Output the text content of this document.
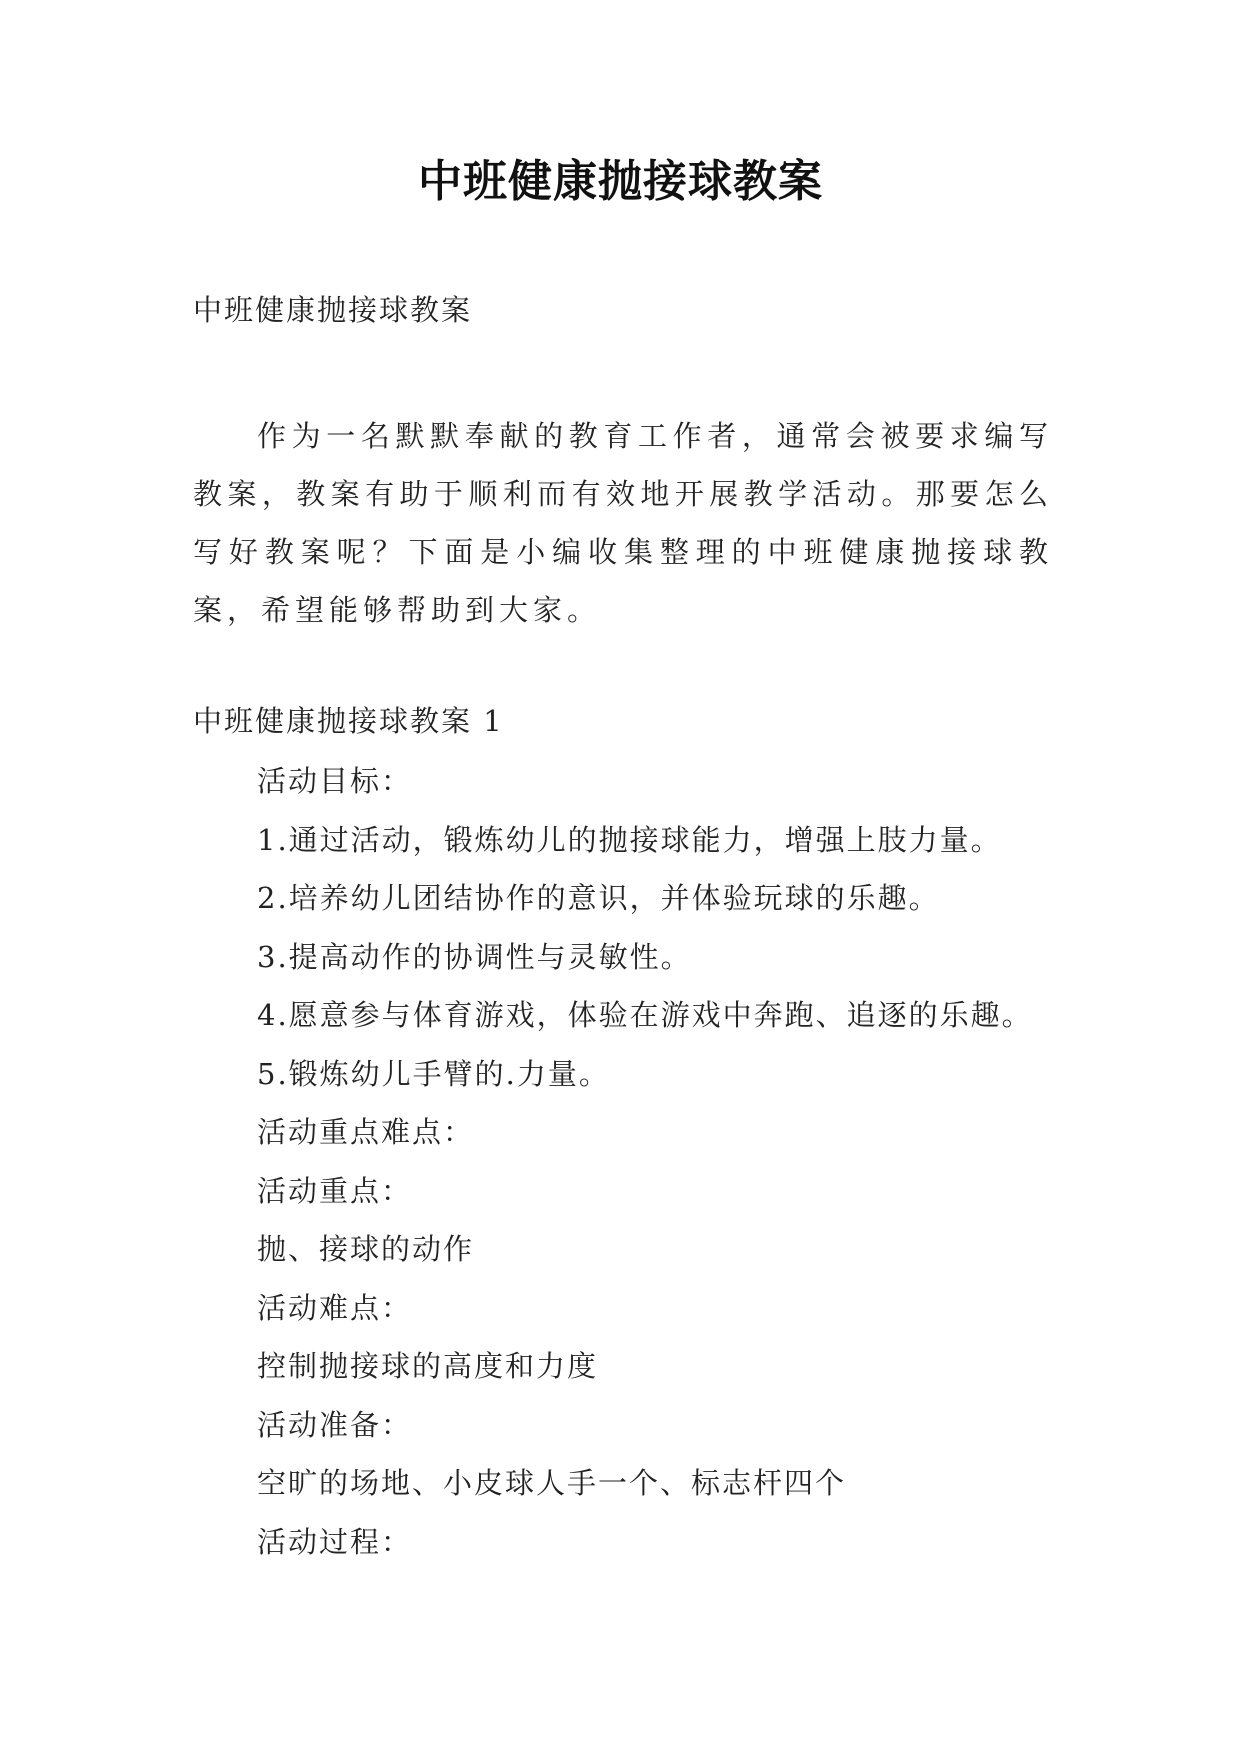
中班健康抛接球教案

中班健康抛接球教案

作为一名默默奉献的教育工作者，通常会被要求编写教案，教案有助于顺利而有效地开展教学活动。那要怎么写好教案呢？下面是小编收集整理的中班健康抛接球教案，希望能够帮助到大家。

中班健康抛接球教案 1

活动目标：
1.通过活动，锻炼幼儿的抛接球能力，增强上肢力量。
2.培养幼儿团结协作的意识，并体验玩球的乐趣。
3.提高动作的协调性与灵敏性。
4.愿意参与体育游戏，体验在游戏中奔跑、追逐的乐趣。
5.锻炼幼儿手臂的.力量。
活动重点难点：
活动重点：
抛、接球的动作
活动难点：
控制抛接球的高度和力度
活动准备：
空旷的场地、小皮球人手一个、标志杆四个
活动过程：
